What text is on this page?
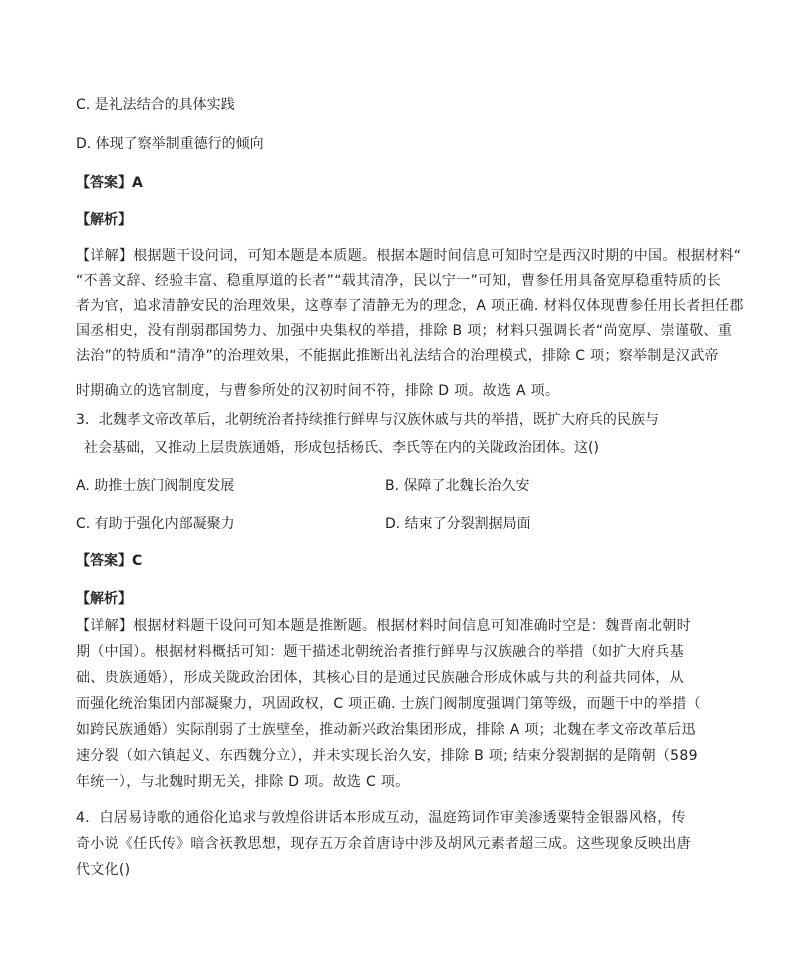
C. 是礼法结合的具体实践

D. 体现了察举制重德行的倾向

【答案】A

【解析】

【详解】根据题干设问词，可知本题是本质题。根据本题时间信息可知时空是西汉时期的中国。根据材料“

“不善文辞、经验丰富、稳重厚道的长者”“载其清净，民以宁一”可知，曹参任用具备宽厚稳重特质的长

者为官，追求清静安民的治理效果，这尊奉了清静无为的理念，A 项正确. 材料仅体现曹参任用长者担任郡

国丞相史，没有削弱郡国势力、加强中央集权的举措，排除 B 项；材料只强调长者“尚宽厚、崇谨敬、重

法治”的特质和“清净”的治理效果，不能据此推断出礼法结合的治理模式，排除 C 项；察举制是汉武帝

时期确立的选官制度，与曹参所处的汉初时间不符，排除 D 项。故选 A 项。

3．北魏孝文帝改革后，北朝统治者持续推行鲜卑与汉族休戚与共的举措，既扩大府兵的民族与

社会基础，又推动上层贵族通婚，形成包括杨氏、李氏等在内的关陇政治团体。这()

A. 助推士族门阀制度发展	B. 保障了北魏长治久安

C. 有助于强化内部凝聚力	D. 结束了分裂割据局面

【答案】C

【解析】

【详解】根据材料题干设问可知本题是推断题。根据材料时间信息可知准确时空是：魏晋南北朝时

期（中国）。根据材料概括可知：题干描述北朝统治者推行鲜卑与汉族融合的举措（如扩大府兵基

础、贵族通婚），形成关陇政治团体，其核心目的是通过民族融合形成休戚与共的利益共同体，从

而强化统治集团内部凝聚力，巩固政权，C 项正确. 士族门阀制度强调门第等级，而题干中的举措（

如跨民族通婚）实际削弱了士族壁垒，推动新兴政治集团形成，排除 A 项；北魏在孝文帝改革后迅

速分裂（如六镇起义、东西魏分立），并未实现长治久安，排除 B 项; 结束分裂割据的是隋朝（589

年统一），与北魏时期无关，排除 D 项。故选 C 项。

4．白居易诗歌的通俗化追求与敦煌俗讲话本形成互动，温庭筠词作审美渗透粟特金银器风格，传

奇小说《任氏传》暗含祆教思想，现存五万余首唐诗中涉及胡风元素者超三成。这些现象反映出唐

代文化()
